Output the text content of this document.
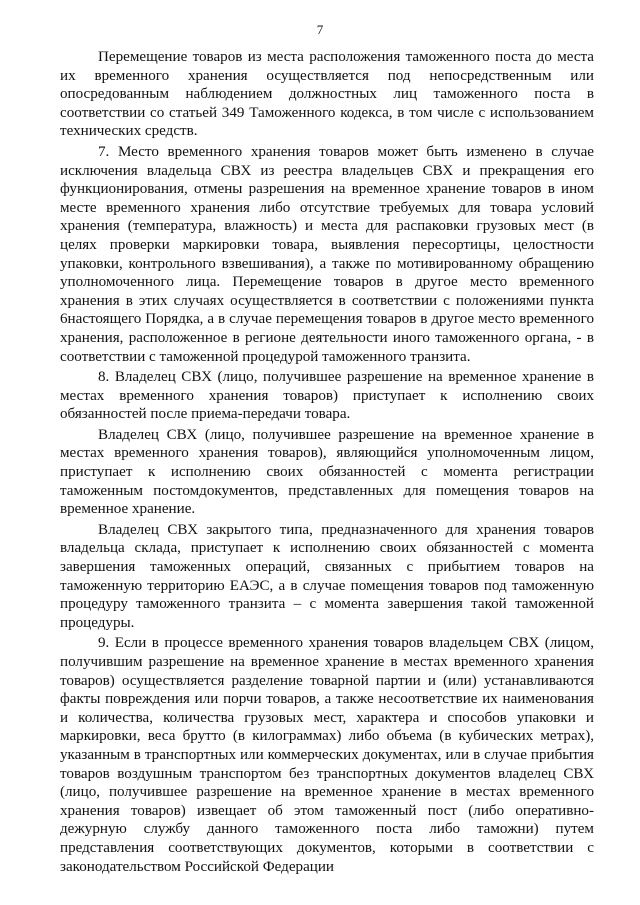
7

Перемещение товаров из места расположения таможенного поста до места их временного хранения осуществляется под непосредственным или опосредованным наблюдением должностных лиц таможенного поста в соответствии со статьей 349 Таможенного кодекса, в том числе с использованием технических средств.

7. Место временного хранения товаров может быть изменено в случае исключения владельца СВХ из реестра владельцев СВХ и прекращения его функционирования, отмены разрешения на временное хранение товаров в ином месте временного хранения либо отсутствие требуемых для товара условий хранения (температура, влажность) и места для распаковки грузовых мест (в целях проверки маркировки товара, выявления пересортицы, целостности упаковки, контрольного взвешивания), а также по мотивированному обращению уполномоченного лица. Перемещение товаров в другое место временного хранения в этих случаях осуществляется в соответствии с положениями пункта 6настоящего Порядка, а в случае перемещения товаров в другое место временного хранения, расположенное в регионе деятельности иного таможенного органа, - в соответствии с таможенной процедурой таможенного транзита.

8. Владелец СВХ (лицо, получившее разрешение на временное хранение в местах временного хранения товаров) приступает к исполнению своих обязанностей после приема-передачи товара.

Владелец СВХ (лицо, получившее разрешение на временное хранение в местах временного хранения товаров), являющийся уполномоченным лицом, приступает к исполнению своих обязанностей с момента регистрации таможенным постомдокументов, представленных для помещения товаров на временное хранение.

Владелец СВХ закрытого типа, предназначенного для хранения товаров владельца склада, приступает к исполнению своих обязанностей с момента завершения таможенных операций, связанных с прибытием товаров на таможенную территорию ЕАЭС, а в случае помещения товаров под таможенную процедуру таможенного транзита – с момента завершения такой таможенной процедуры.

9. Если в процессе временного хранения товаров владельцем СВХ (лицом, получившим разрешение на временное хранение в местах временного хранения товаров) осуществляется разделение товарной партии и (или) устанавливаются факты повреждения или порчи товаров, а также несоответствие их наименования и количества, количества грузовых мест, характера и способов упаковки и маркировки, веса брутто (в килограммах) либо объема (в кубических метрах), указанным в транспортных или коммерческих документах, или в случае прибытия товаров воздушным транспортом без транспортных документов владелец СВХ (лицо, получившее разрешение на временное хранение в местах временного хранения товаров) извещает об этом таможенный пост (либо оперативно-дежурную службу данного таможенного поста либо таможни) путем представления соответствующих документов, которыми в соответствии с законодательством Российской Федерации
